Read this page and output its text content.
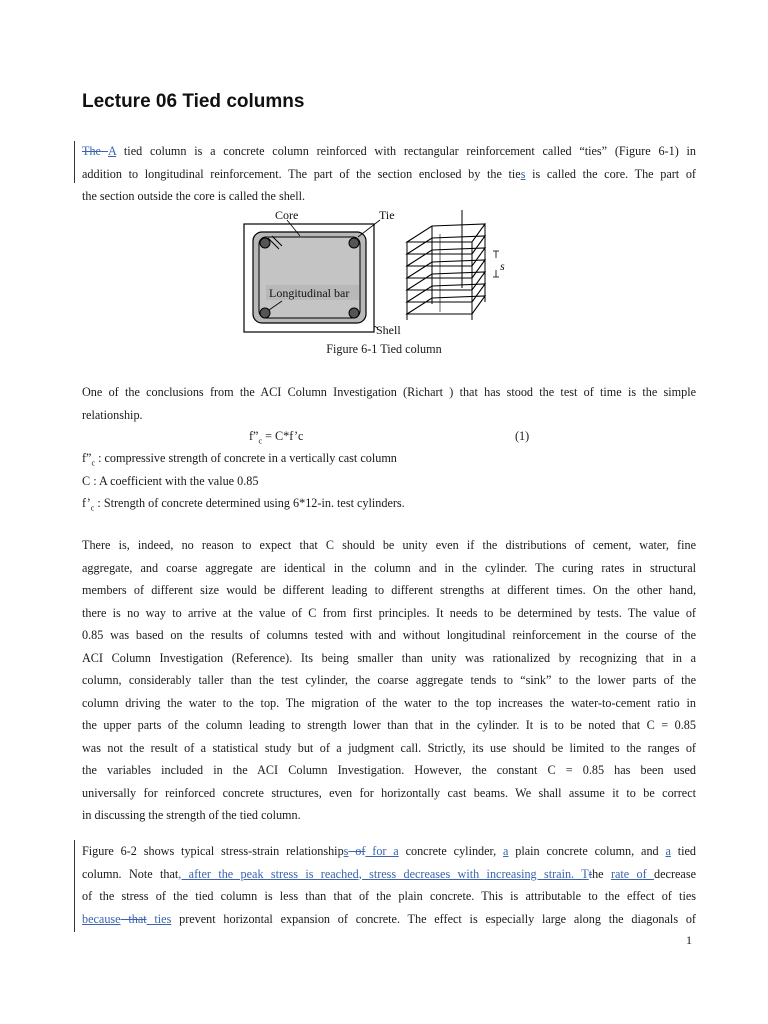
Lecture 06 Tied columns
The A tied column is a concrete column reinforced with rectangular reinforcement called “ties” (Figure 6-1) in
addition to longitudinal reinforcement. The part of the section enclosed by the ties is called the core. The part of
the section outside the core is called the shell.
Core	Tie
Longitudinal bar
Shell
s
Figure 6-1 Tied column
One of the conclusions from the ACI Column Investigation (Richart ) that has stood the test of time is the simple
relationship.
$f”_c$ = C*f’c	(1)
$f”_c$ : compressive strength of concrete in a vertically cast column
C : A coefficient with the value 0.85
$f’_c$ : Strength of concrete determined using 6*12-in. test cylinders.
There is, indeed, no reason to expect that C should be unity even if the distributions of cement, water, fine
aggregate, and coarse aggregate are identical in the column and in the cylinder. The curing rates in structural
members of different size would be different leading to different strengths at different times. On the other hand,
there is no way to arrive at the value of C from first principles. It needs to be determined by tests. The value of
0.85 was based on the results of columns tested with and without longitudinal reinforcement in the course of the
ACI Column Investigation (Reference). Its being smaller than unity was rationalized by recognizing that in a
column, considerably taller than the test cylinder, the coarse aggregate tends to “sink” to the lower parts of the
column driving the water to the top. The migration of the water to the top increases the water-to-cement ratio in
the upper parts of the column leading to strength lower than that in the cylinder. It is to be noted that C = 0.85
was not the result of a statistical study but of a judgment call. Strictly, its use should be limited to the ranges of
the variables included in the ACI Column Investigation. However, the constant C = 0.85 has been used
universally for reinforced concrete structures, even for horizontally cast beams. We shall assume it to be correct
in discussing the strength of the tied column.
Figure 6-2 shows typical stress-strain relationships of for a concrete cylinder, a plain concrete column, and a tied
column. Note that, after the peak stress is reached, stress decreases with increasing strain. Tthe rate of decrease
of the stress of the tied column is less than that of the plain concrete. This is attributable to the effect of ties
because that ties prevent horizontal expansion of concrete. The effect is especially large along the diagonals of
1
